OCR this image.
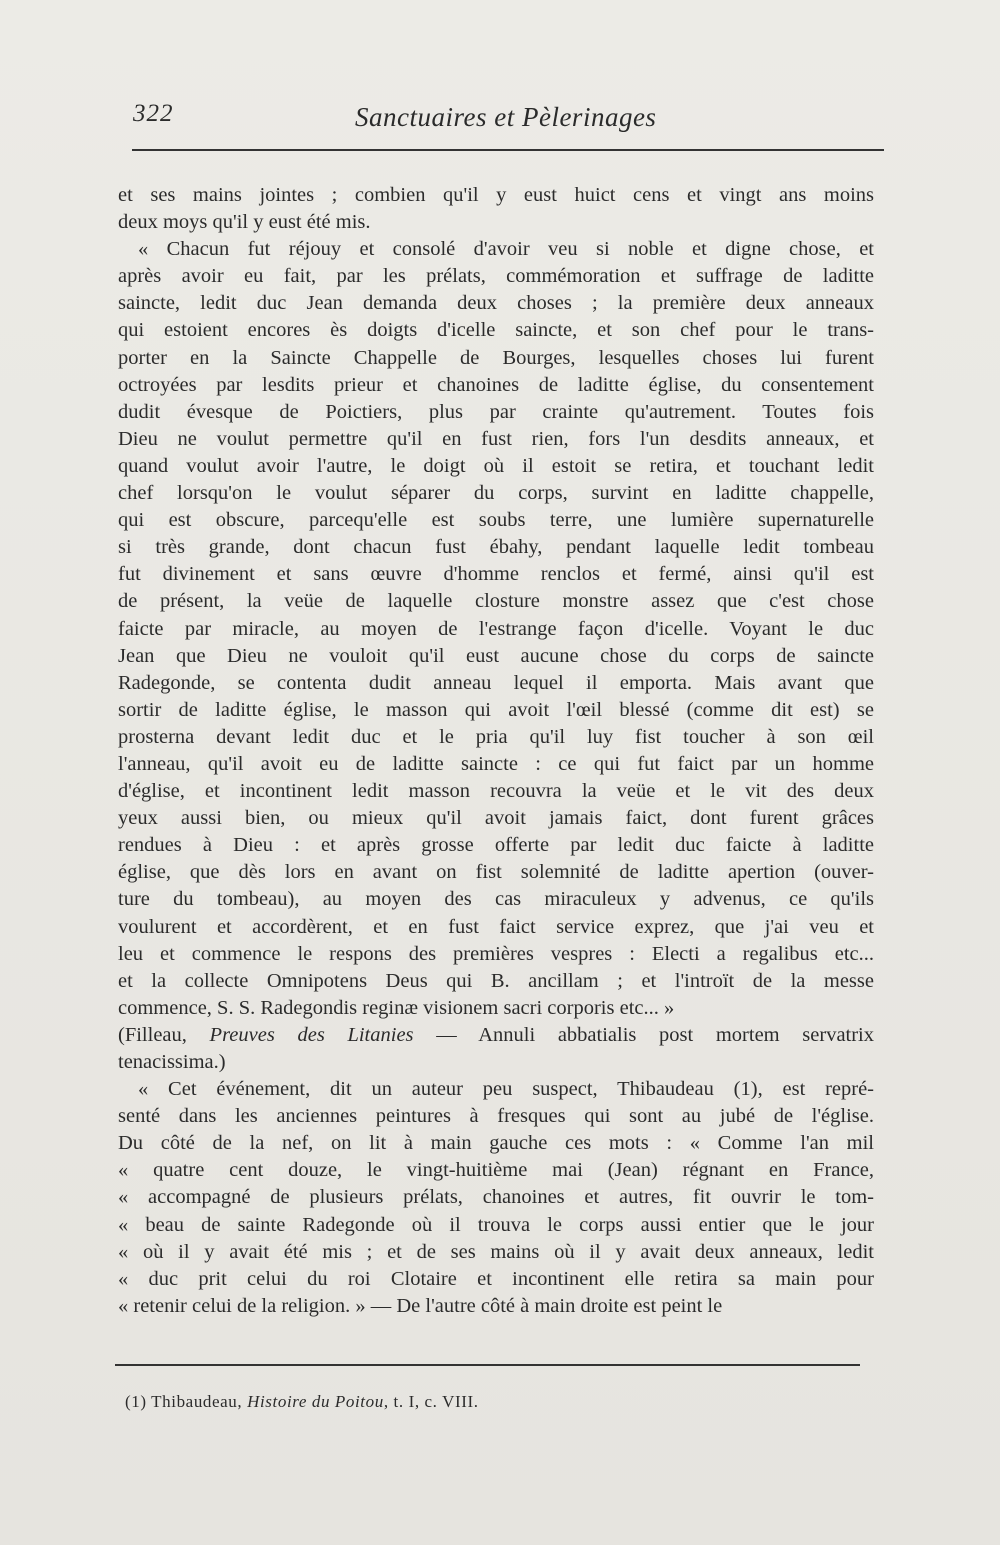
322	Sanctuaires et Pèlerinages
et ses mains jointes ; combien qu'il y eust huict cens et vingt ans moins
deux moys qu'il y eust été mis.
« Chacun fut réjouy et consolé d'avoir veu si noble et digne chose, et
après avoir eu fait, par les prélats, commémoration et suffrage de laditte
saincte, ledit duc Jean demanda deux choses ; la première deux anneaux
qui estoient encores ès doigts d'icelle saincte, et son chef pour le trans-
porter en la Saincte Chappelle de Bourges, lesquelles choses lui furent
octroyées par lesdits prieur et chanoines de laditte église, du consentement
dudit évesque de Poictiers, plus par crainte qu'autrement. Toutes fois
Dieu ne voulut permettre qu'il en fust rien, fors l'un desdits anneaux, et
quand voulut avoir l'autre, le doigt où il estoit se retira, et touchant ledit
chef lorsqu'on le voulut séparer du corps, survint en laditte chappelle,
qui est obscure, parcequ'elle est soubs terre, une lumière supernaturelle
si très grande, dont chacun fust ébahy, pendant laquelle ledit tombeau
fut divinement et sans œuvre d'homme renclos et fermé, ainsi qu'il est
de présent, la veüe de laquelle closture monstre assez que c'est chose
faicte par miracle, au moyen de l'estrange façon d'icelle. Voyant le duc
Jean que Dieu ne vouloit qu'il eust aucune chose du corps de saincte
Radegonde, se contenta dudit anneau lequel il emporta. Mais avant que
sortir de laditte église, le masson qui avoit l'œil blessé (comme dit est) se
prosterna devant ledit duc et le pria qu'il luy fist toucher à son œil
l'anneau, qu'il avoit eu de laditte saincte : ce qui fut faict par un homme
d'église, et incontinent ledit masson recouvra la veüe et le vit des deux
yeux aussi bien, ou mieux qu'il avoit jamais faict, dont furent grâces
rendues à Dieu : et après grosse offerte par ledit duc faicte à laditte
église, que dès lors en avant on fist solemnité de laditte apertion (ouver-
ture du tombeau), au moyen des cas miraculeux y advenus, ce qu'ils
voulurent et accordèrent, et en fust faict service exprez, que j'ai veu et
leu et commence le respons des premières vespres : Electi a regalibus etc...
et la collecte Omnipotens Deus qui B. ancillam ; et l'introït de la messe
commence, S. S. Radegondis reginæ visionem sacri corporis etc... »
(Filleau, Preuves des Litanies — Annuli abbatialis post mortem servatrix
tenacissima.)
« Cet événement, dit un auteur peu suspect, Thibaudeau (1), est repré-
senté dans les anciennes peintures à fresques qui sont au jubé de l'église.
Du côté de la nef, on lit à main gauche ces mots : « Comme l'an mil
« quatre cent douze, le vingt-huitième mai (Jean) régnant en France,
« accompagné de plusieurs prélats, chanoines et autres, fit ouvrir le tom-
« beau de sainte Radegonde où il trouva le corps aussi entier que le jour
« où il y avait été mis ; et de ses mains où il y avait deux anneaux, ledit
« duc prit celui du roi Clotaire et incontinent elle retira sa main pour
« retenir celui de la religion. » — De l'autre côté à main droite est peint le
(1) Thibaudeau, Histoire du Poitou, t. I, c. VIII.
